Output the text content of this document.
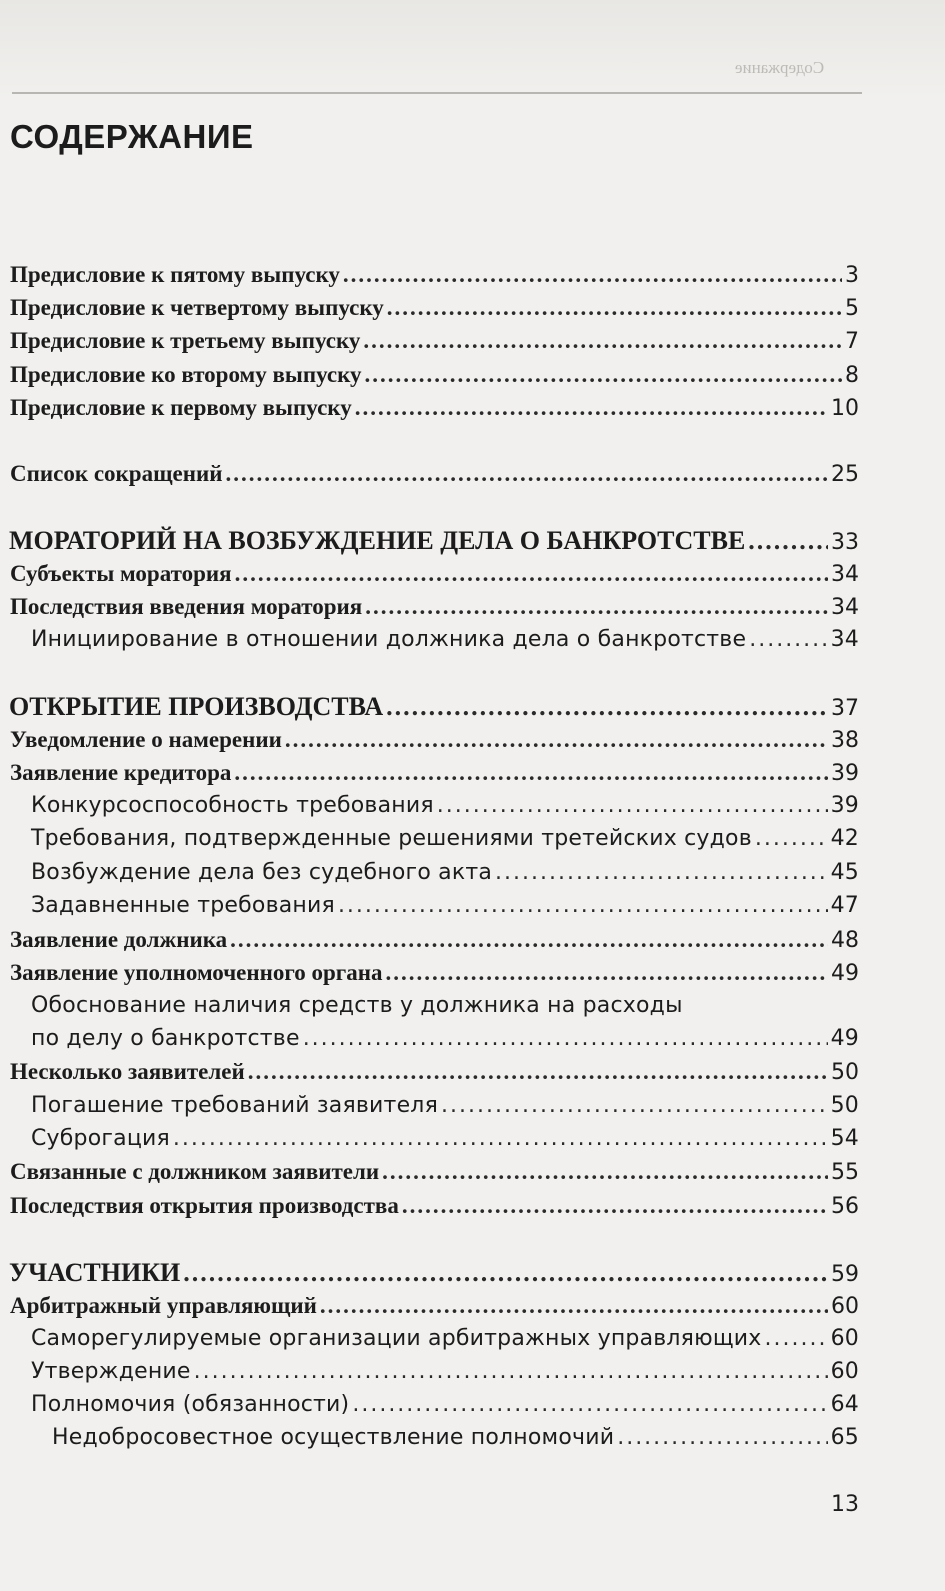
Содержание
СОДЕРЖАНИЕ
Предисловие к пятому выпуску .....	3
Предисловие к четвертому выпуску .....	5
Предисловие к третьему выпуску .....	7
Предисловие ко второму выпуску .....	8
Предисловие к первому выпуску .....	10
Список сокращений .....	25
МОРАТОРИЙ НА ВОЗБУЖДЕНИЕ ДЕЛА О БАНКРОТСТВЕ .....	33
Субъекты моратория .....	34
Последствия введения моратория .....	34
Инициирование в отношении должника дела о банкротстве .....	34
ОТКРЫТИЕ ПРОИЗВОДСТВА .....	37
Уведомление о намерении .....	38
Заявление кредитора .....	39
Конкурсоспособность требования .....	39
Требования, подтвержденные решениями третейских судов .....	42
Возбуждение дела без судебного акта .....	45
Задавненные требования .....	47
Заявление должника .....	48
Заявление уполномоченного органа .....	49
Обоснование наличия средств у должника на расходы
по делу о банкротстве .....	49
Несколько заявителей .....	50
Погашение требований заявителя .....	50
Суброгация .....	54
Связанные с должником заявители .....	55
Последствия открытия производства .....	56
УЧАСТНИКИ .....	59
Арбитражный управляющий .....	60
Саморегулируемые организации арбитражных управляющих .....	60
Утверждение .....	60
Полномочия (обязанности) .....	64
Недобросовестное осуществление полномочий .....	65
13
